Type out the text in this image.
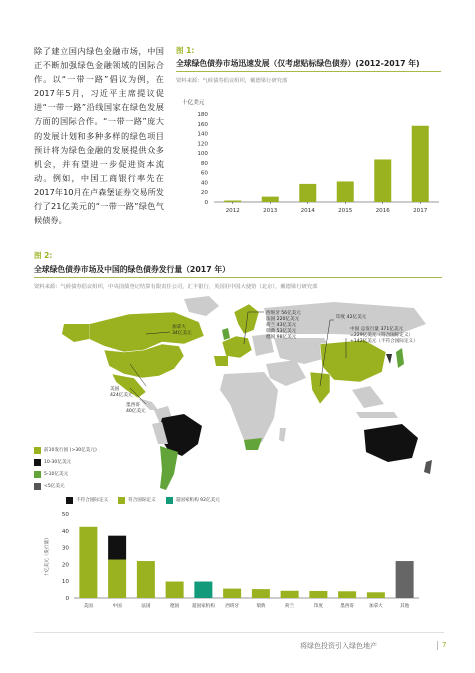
除了建立国内绿色金融市场，中国正不断加强绿色金融领域的国际合作。以“一带一路”倡议为例，在2017年5月，习近平主席提议促进“一带一路”沿线国家在绿色发展方面的国际合作。“一带一路”庞大的发展计划和多种多样的绿色项目预计将为绿色金融的发展提供众多机会，并有望进一步促进资本流动。例如，中国工商银行率先在2017年10月在卢森堡证券交易所发行了21亿美元的“一带一路”绿色气候债券。
图 1:
全球绿色债券市场迅速发展（仅考虑贴标绿色债券）(2012-2017 年)
资料来源：气候债券倡议组织，戴德梁行研究部
十亿美元
0
20
40
60
80
100
120
140
160
180
2012	2013	2014	2015	2016	2017
图 2:
全球绿色债券市场及中国的绿色债券发行量（2017 年）
资料来源：气候债券倡议组织，中央国债登记结算有限责任公司，汇丰银行，英国驻中国大使馆（北京），戴德梁行研究部
加拿大 34亿美元
美国 424亿美元
墨西哥 40亿美元
西班牙 56亿美元法国 220亿美元荷兰 43亿美元瑞典 53亿美元德国 98亿美元
印度 42亿美元
中国 总发行量 371亿美元=229亿美元（符合国际定义）+142亿美元（不符合国际定义）
前10发行国 (>30亿美元)
10-30亿美元
5-10亿美元
<5亿美元
不符合国际定义	符合国际定义	超国家机构 92亿美元
十亿美元（发行量）
0
10
20
30
40
50
美国	中国	法国	德国	超国家机构 西班牙	瑞典	荷兰	印度	墨西哥	加拿大	其他
将绿色投资引入绿色地产	7
